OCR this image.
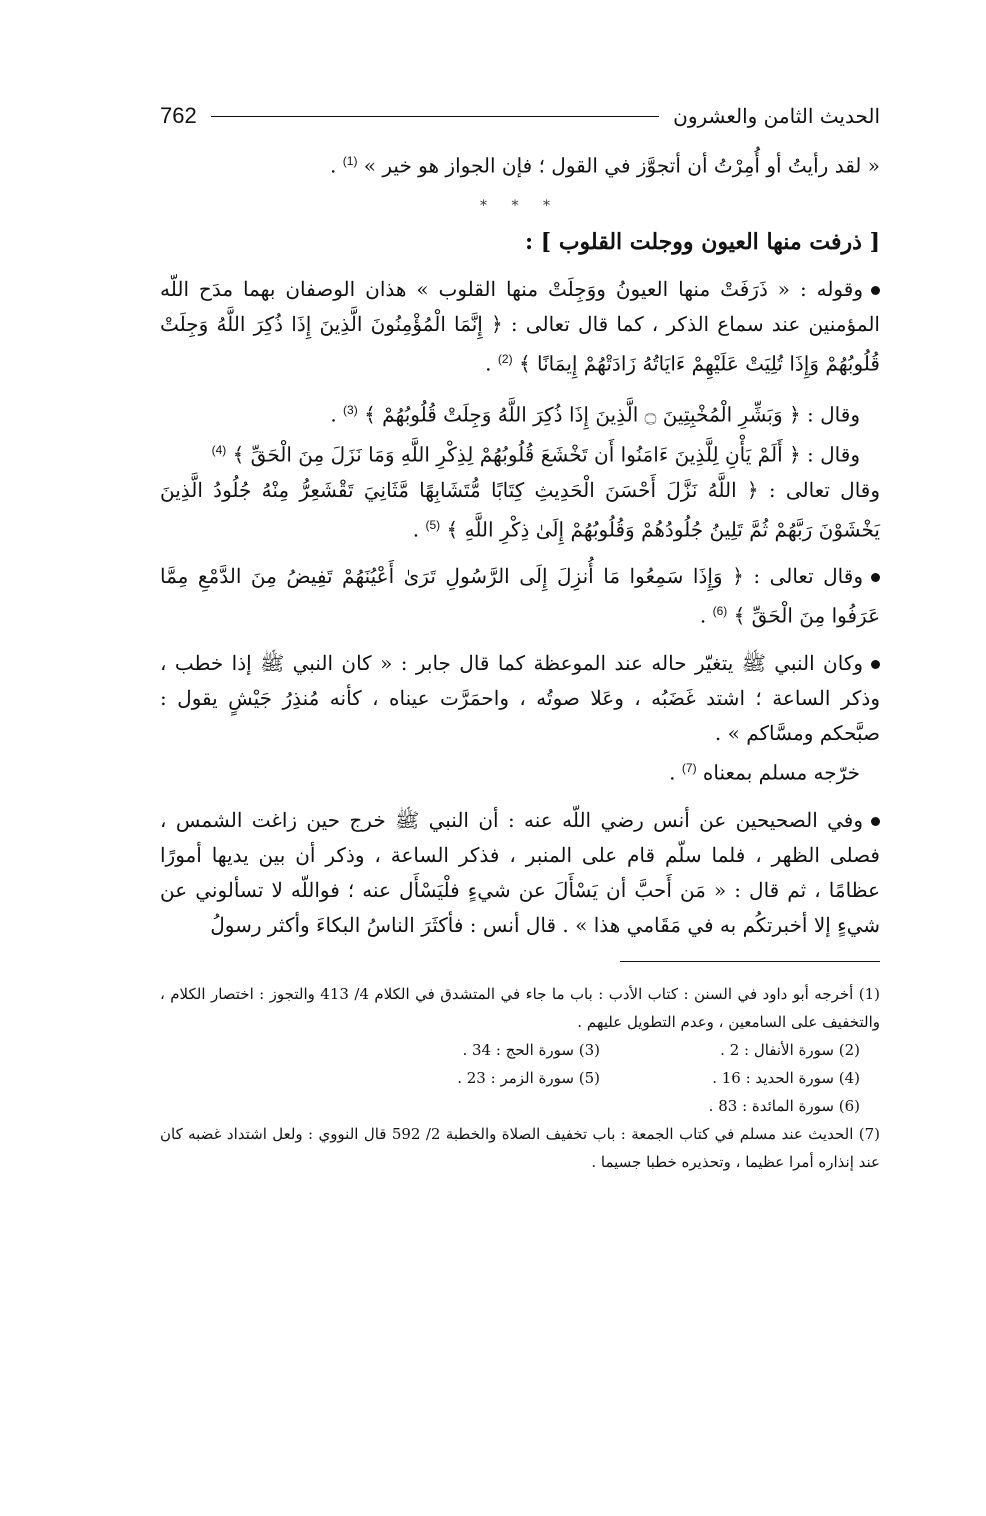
الحديث الثامن والعشرون
762

« لقد رأيتُ أو أُمِرْتُ أن أتجوَّز في القول ؛ فإن الجواز هو خير » $^{(1)}$ .

* * *
[ ذرفت منها العيون ووجلت القلوب ] :

وقوله : « ذَرَفَتْ منها العيونُ ووَجِلَتْ منها القلوب » هذان الوصفان بهما مدَح اللّه المؤمنين عند سماع الذكر ، كما قال تعالى : ﴿ إِنَّمَا الْمُؤْمِنُونَ الَّذِينَ إِذَا ذُكِرَ اللَّهُ وَجِلَتْ قُلُوبُهُمْ وَإِذَا تُلِيَتْ عَلَيْهِمْ ءَايَاتُهُ زَادَتْهُمْ إِيمَانًا ﴾ $^{(2)}$ .

وقال : ﴿ وَبَشِّرِ الْمُخْبِتِينَ ۝ الَّذِينَ إِذَا ذُكِرَ اللَّهُ وَجِلَتْ قُلُوبُهُمْ ﴾ $^{(3)}$ .

وقال : ﴿ أَلَمْ يَأْنِ لِلَّذِينَ ءَامَنُوا أَن تَخْشَعَ قُلُوبُهُمْ لِذِكْرِ اللَّهِ وَمَا نَزَلَ مِنَ الْحَقِّ ﴾ $^{(4)}$

وقال تعالى : ﴿ اللَّهُ نَزَّلَ أَحْسَنَ الْحَدِيثِ كِتَابًا مُّتَشَابِهًا مَّثَانِيَ تَقْشَعِرُّ مِنْهُ جُلُودُ الَّذِينَ يَخْشَوْنَ رَبَّهُمْ ثُمَّ تَلِينُ جُلُودُهُمْ وَقُلُوبُهُمْ إِلَىٰ ذِكْرِ اللَّهِ ﴾ $^{(5)}$ .

وقال تعالى : ﴿ وَإِذَا سَمِعُوا مَا أُنزِلَ إِلَى الرَّسُولِ تَرَىٰ أَعْيُنَهُمْ تَفِيضُ مِنَ الدَّمْعِ مِمَّا عَرَفُوا مِنَ الْحَقِّ ﴾ $^{(6)}$ .

وكان النبي ﷺ يتغيّر حاله عند الموعظة كما قال جابر : « كان النبي ﷺ إذا خطب ، وذكر الساعة ؛ اشتد غَضَبُه ، وعَلا صوتُه ، واحمَرَّت عيناه ، كأنه مُنذِرُ جَيْشٍ يقول : صبَّحكم ومسَّاكم » .

خرّجه مسلم بمعناه $^{(7)}$ .

وفي الصحيحين عن أنس رضي اللّه عنه : أن النبي ﷺ خرج حين زاغت الشمس ، فصلى الظهر ، فلما سلّم قام على المنبر ، فذكر الساعة ، وذكر أن بين يديها أمورًا عظامًا ، ثم قال : « مَن أَحبَّ أن يَسْأَلَ عن شيءٍ فلْيَسْأَل عنه ؛ فواللّه لا تسألوني عن شيءٍ إلا أخبرتكُم به في مَقَامي هذا » . قال أنس : فأكثَرَ الناسُ البكاءَ وأكثر رسولُ

(1) أخرجه أبو داود في السنن : كتاب الأدب : باب ما جاء في المتشدق في الكلام 4/ 413 والتجوز : اختصار الكلام ، والتخفيف على السامعين ، وعدم التطويل عليهم .

(2) سورة الأنفال : 2 .

(3) سورة الحج : 34 .

(4) سورة الحديد : 16 .

(5) سورة الزمر : 23 .

(6) سورة المائدة : 83 .

(7) الحديث عند مسلم في كتاب الجمعة : باب تخفيف الصلاة والخطبة 2/ 592 قال النووي : ولعل اشتداد غضبه كان عند إنذاره أمرا عظيما ، وتحذيره خطبا جسيما .
